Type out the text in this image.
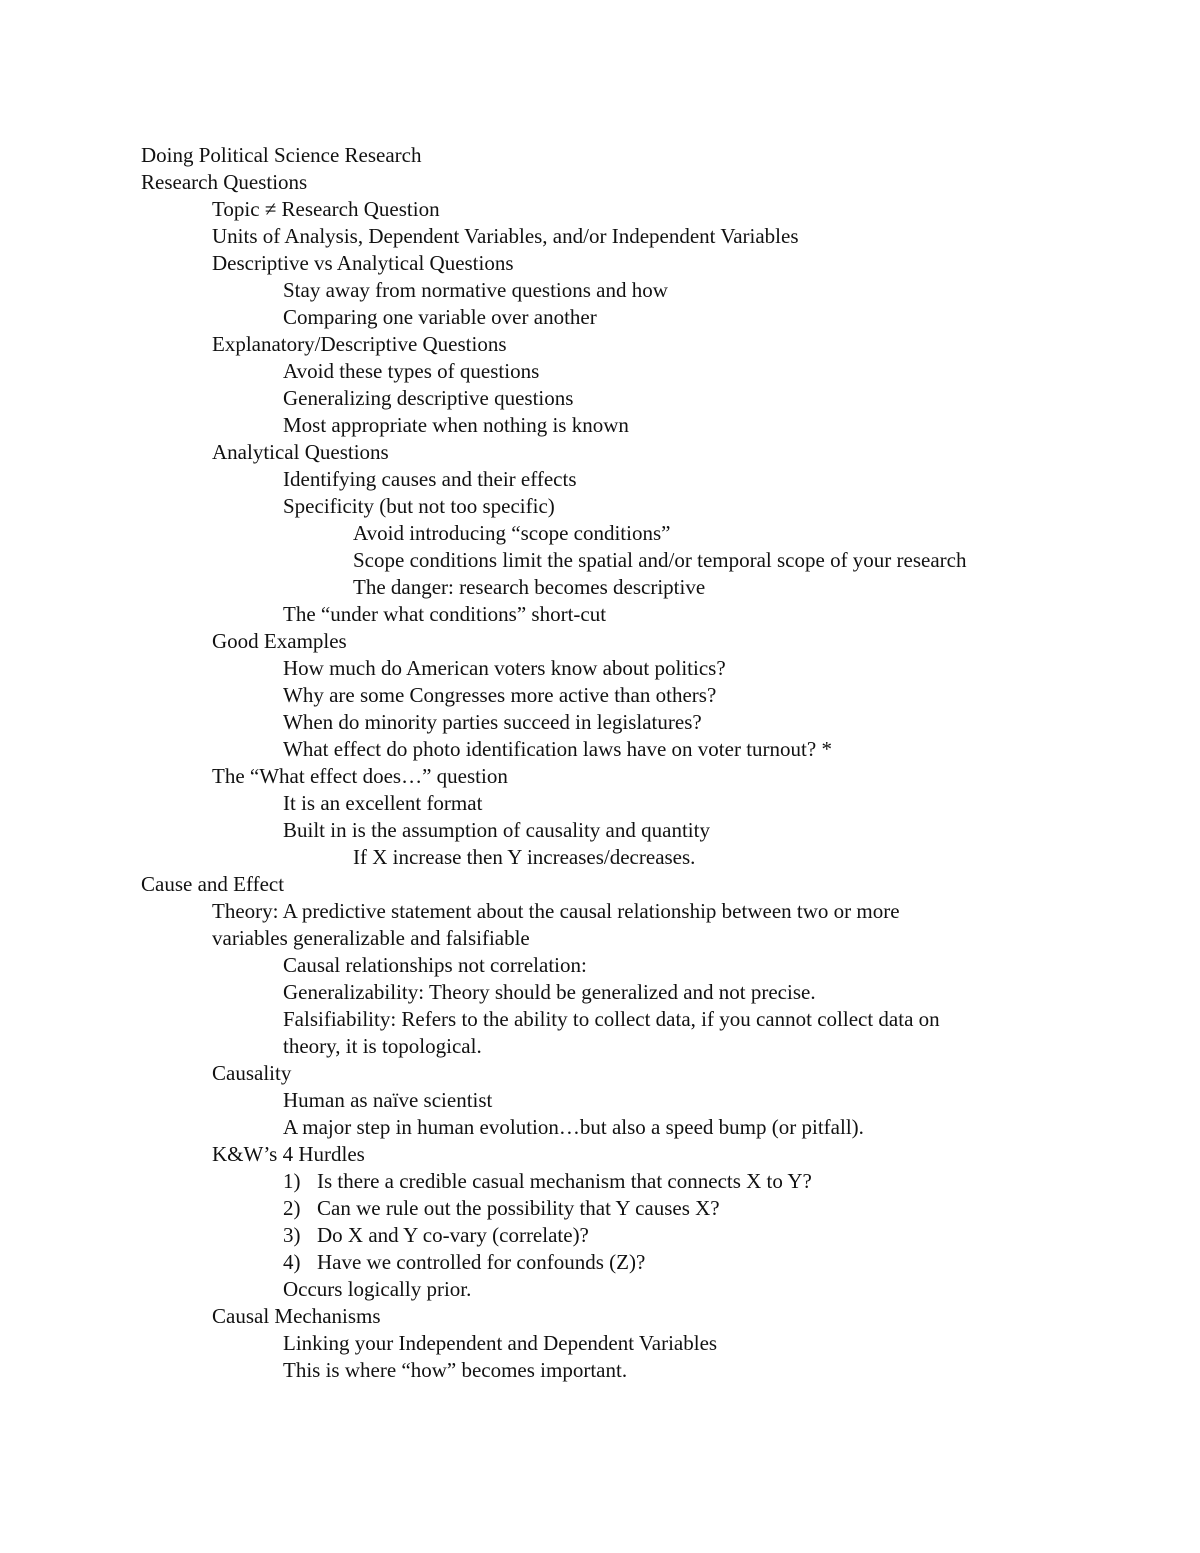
Doing Political Science Research
Research Questions
Topic ≠ Research Question
Units of Analysis, Dependent Variables, and/or Independent Variables
Descriptive vs Analytical Questions
Stay away from normative questions and how
Comparing one variable over another
Explanatory/Descriptive Questions
Avoid these types of questions
Generalizing descriptive questions
Most appropriate when nothing is known
Analytical Questions
Identifying causes and their effects
Specificity (but not too specific)
Avoid introducing “scope conditions”
Scope conditions limit the spatial and/or temporal scope of your research
The danger: research becomes descriptive
The “under what conditions” short-cut
Good Examples
How much do American voters know about politics?
Why are some Congresses more active than others?
When do minority parties succeed in legislatures?
What effect do photo identification laws have on voter turnout? *
The “What effect does…” question
It is an excellent format
Built in is the assumption of causality and quantity
If X increase then Y increases/decreases.
Cause and Effect
Theory: A predictive statement about the causal relationship between two or more
variables generalizable and falsifiable
Causal relationships not correlation:
Generalizability: Theory should be generalized and not precise.
Falsifiability: Refers to the ability to collect data, if you cannot collect data on
theory, it is topological.
Causality
Human as naïve scientist
A major step in human evolution…but also a speed bump (or pitfall).
K&W’s 4 Hurdles
1) Is there a credible casual mechanism that connects X to Y?
2) Can we rule out the possibility that Y causes X?
3) Do X and Y co-vary (correlate)?
4) Have we controlled for confounds (Z)?
Occurs logically prior.
Causal Mechanisms
Linking your Independent and Dependent Variables
This is where “how” becomes important.
